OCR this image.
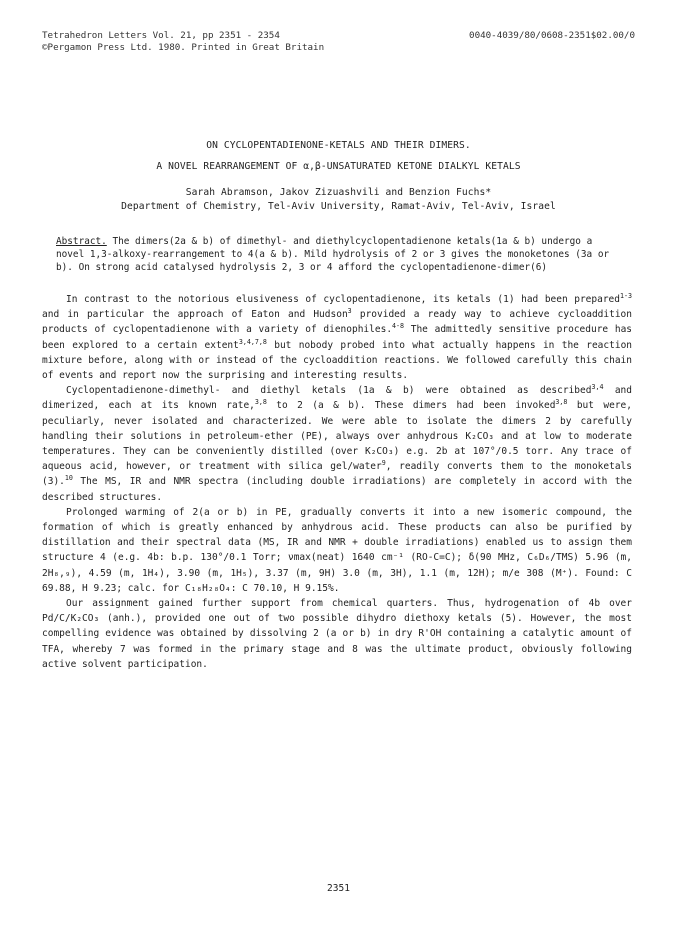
Tetrahedron Letters Vol. 21, pp 2351 - 2354
©Pergamon Press Ltd. 1980. Printed in Great Britain
0040-4039/80/0608-2351$02.00/0
ON CYCLOPENTADIENONE-KETALS AND THEIR DIMERS.
A NOVEL REARRANGEMENT OF α,β-UNSATURATED KETONE DIALKYL KETALS
Sarah Abramson, Jakov Zizuashvili and Benzion Fuchs*
Department of Chemistry, Tel-Aviv University, Ramat-Aviv, Tel-Aviv, Israel
Abstract. The dimers(2a & b) of dimethyl- and diethylcyclopentadienone ketals(1a & b) undergo a novel 1,3-alkoxy-rearrangement to 4(a & b). Mild hydrolysis of 2 or 3 gives the monoketones (3a or b). On strong acid catalysed hydrolysis 2, 3 or 4 afford the cyclopentadienone-dimer(6)

In contrast to the notorious elusiveness of cyclopentadienone, its ketals (1) had been prepared$^{1-3}$ and in particular the approach of Eaton and Hudson$^3$ provided a ready way to achieve cycloaddition products of cyclopentadienone with a variety of dienophiles.$^{4-8}$ The admittedly sensitive procedure has been explored to a certain extent$^{3,4,7,8}$ but nobody probed into what actually happens in the reaction mixture before, along with or instead of the cycloaddition reactions. We followed carefully this chain of events and report now the surprising and interesting results.

Cyclopentadienone-dimethyl- and diethyl ketals (1a & b) were obtained as described$^{3,4}$ and dimerized, each at its known rate,$^{3,8}$ to 2 (a & b). These dimers had been invoked$^{3,8}$ but were, peculiarly, never isolated and characterized. We were able to isolate the dimers 2 by carefully handling their solutions in petroleum-ether (PE), always over anhydrous K₂CO₃ and at low to moderate temperatures. They can be conveniently distilled (over K₂CO₃) e.g. 2b at 107°/0.5 torr. Any trace of aqueous acid, however, or treatment with silica gel/water$^9$, readily converts them to the monoketals (3).$^{10}$ The MS, IR and NMR spectra (including double irradiations) are completely in accord with the described structures.

Prolonged warming of 2(a or b) in PE, gradually converts it into a new isomeric compound, the formation of which is greatly enhanced by anhydrous acid. These products can also be purified by distillation and their spectral data (MS, IR and NMR + double irradiations) enabled us to assign them structure 4 (e.g. 4b: b.p. 130°/0.1 Torr; νmax(neat) 1640 cm⁻¹ (RO-C=C); δ(90 MHz, C₆D₆/TMS) 5.96 (m, 2H₈,₉), 4.59 (m, 1H₄), 3.90 (m, 1H₅), 3.37 (m, 9H) 3.0 (m, 3H), 1.1 (m, 12H); m/e 308 (M⁺). Found: C 69.88, H 9.23; calc. for C₁₈H₂₈O₄: C 70.10, H 9.15%.

Our assignment gained further support from chemical quarters. Thus, hydrogenation of 4b over Pd/C/K₂CO₃ (anh.), provided one out of two possible dihydro diethoxy ketals (5). However, the most compelling evidence was obtained by dissolving 2 (a or b) in dry R'OH containing a catalytic amount of TFA, whereby 7 was formed in the primary stage and 8 was the ultimate product, obviously following active solvent participation.

2351
